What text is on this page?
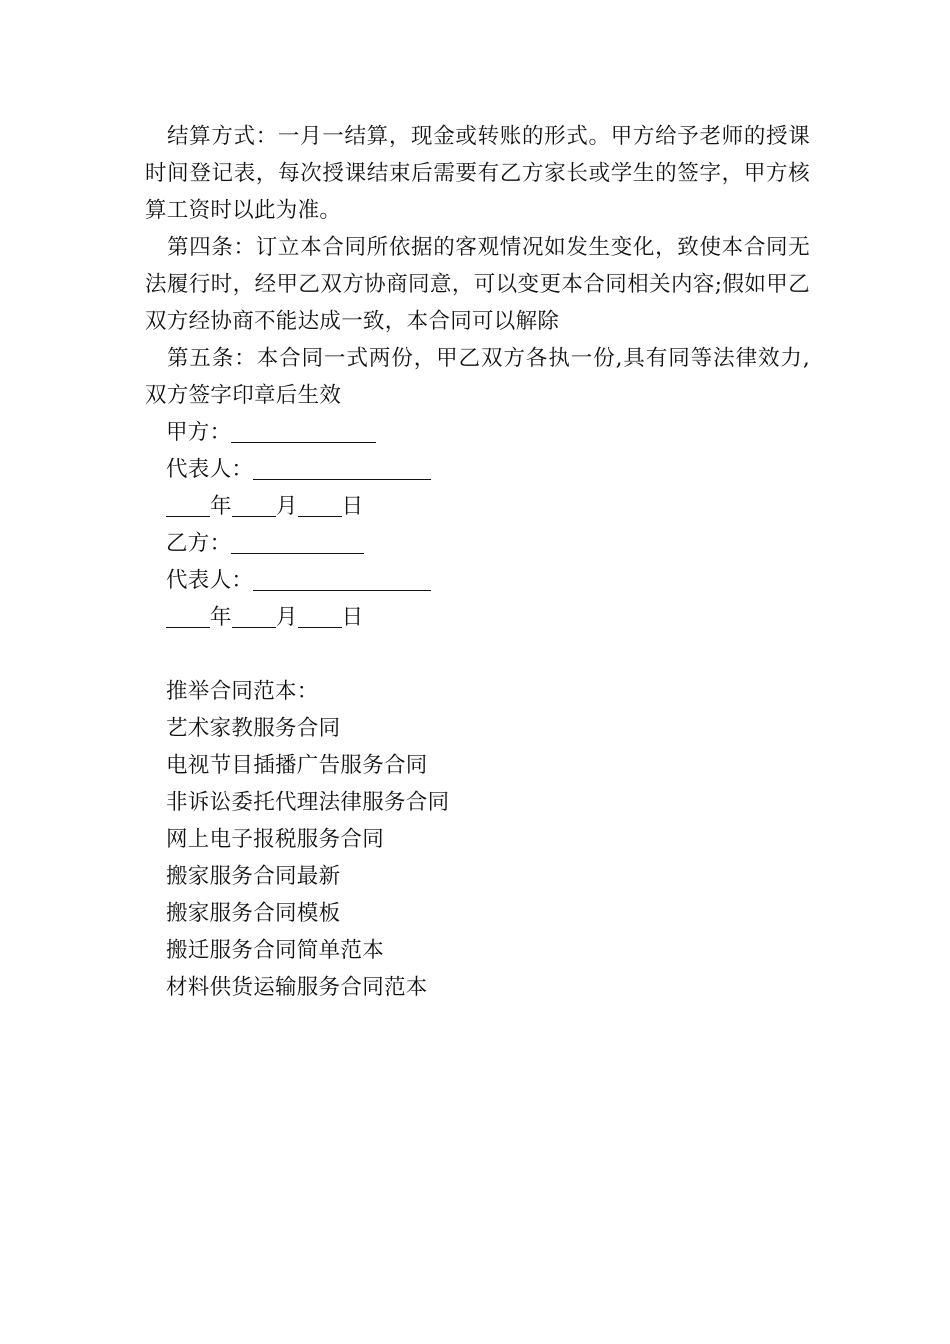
结算方式：一月一结算，现金或转账的形式。甲方给予老师的授课时间登记表，每次授课结束后需要有乙方家长或学生的签字，甲方核算工资时以此为准。
第四条：订立本合同所依据的客观情况如发生变化，致使本合同无法履行时，经甲乙双方协商同意，可以变更本合同相关内容;假如甲乙双方经协商不能达成一致，本合同可以解除
第五条：本合同一式两份，甲乙双方各执一份,具有同等法律效力,双方签字印章后生效
甲方：
代表人：
年 月 日
乙方：
代表人：
年 月 日
推举合同范本：
艺术家教服务合同
电视节目插播广告服务合同
非诉讼委托代理法律服务合同
网上电子报税服务合同
搬家服务合同最新
搬家服务合同模板
搬迁服务合同简单范本
材料供货运输服务合同范本
